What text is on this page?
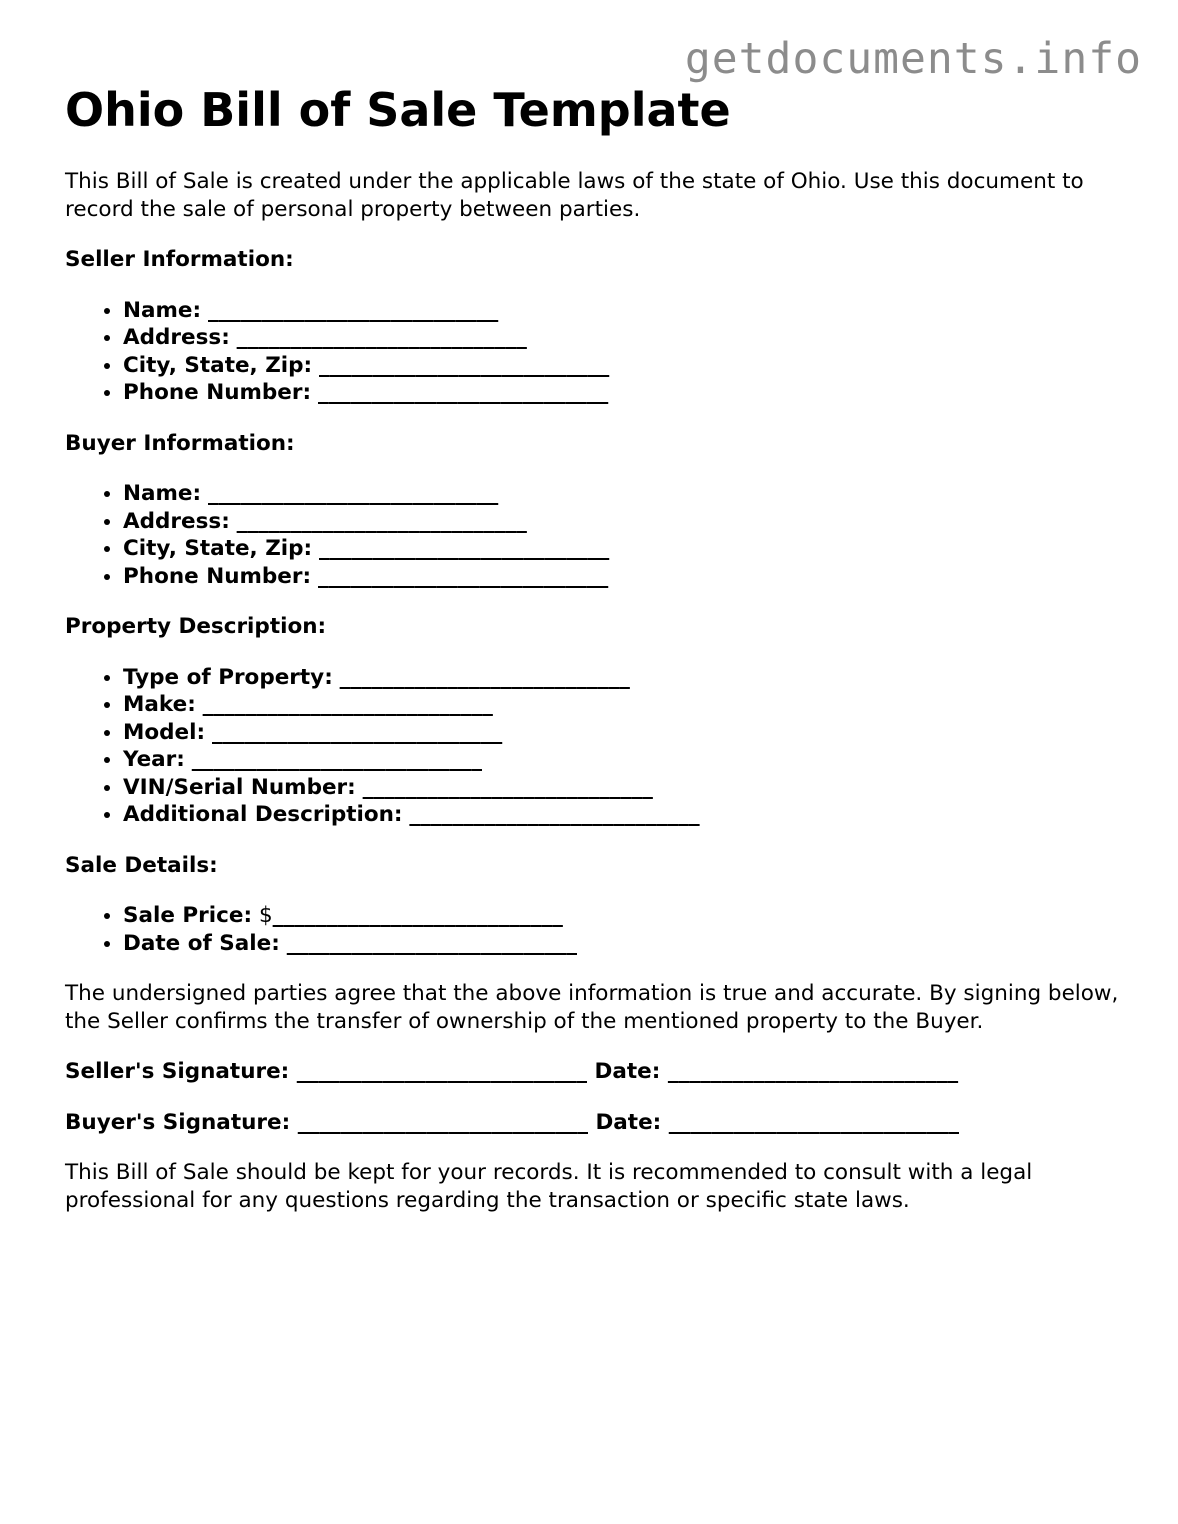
getdocuments.info
Ohio Bill of Sale Template

This Bill of Sale is created under the applicable laws of the state of Ohio. Use this document to record the sale of personal property between parties.

Seller Information:
• Name: ___________________________
• Address: ___________________________
• City, State, Zip: ___________________________
• Phone Number: ___________________________
Buyer Information:
• Name: ___________________________
• Address: ___________________________
• City, State, Zip: ___________________________
• Phone Number: ___________________________
Property Description:
• Type of Property: ___________________________
• Make: ___________________________
• Model: ___________________________
• Year: ___________________________
• VIN/Serial Number: ___________________________
• Additional Description: ___________________________
Sale Details:
• Sale Price: $___________________________
• Date of Sale: ___________________________

The undersigned parties agree that the above information is true and accurate. By signing below, the Seller confirms the transfer of ownership of the mentioned property to the Buyer.

Seller's Signature: ___________________________ Date: ___________________________
Buyer's Signature: ___________________________ Date: ___________________________

This Bill of Sale should be kept for your records. It is recommended to consult with a legal professional for any questions regarding the transaction or specific state laws.
